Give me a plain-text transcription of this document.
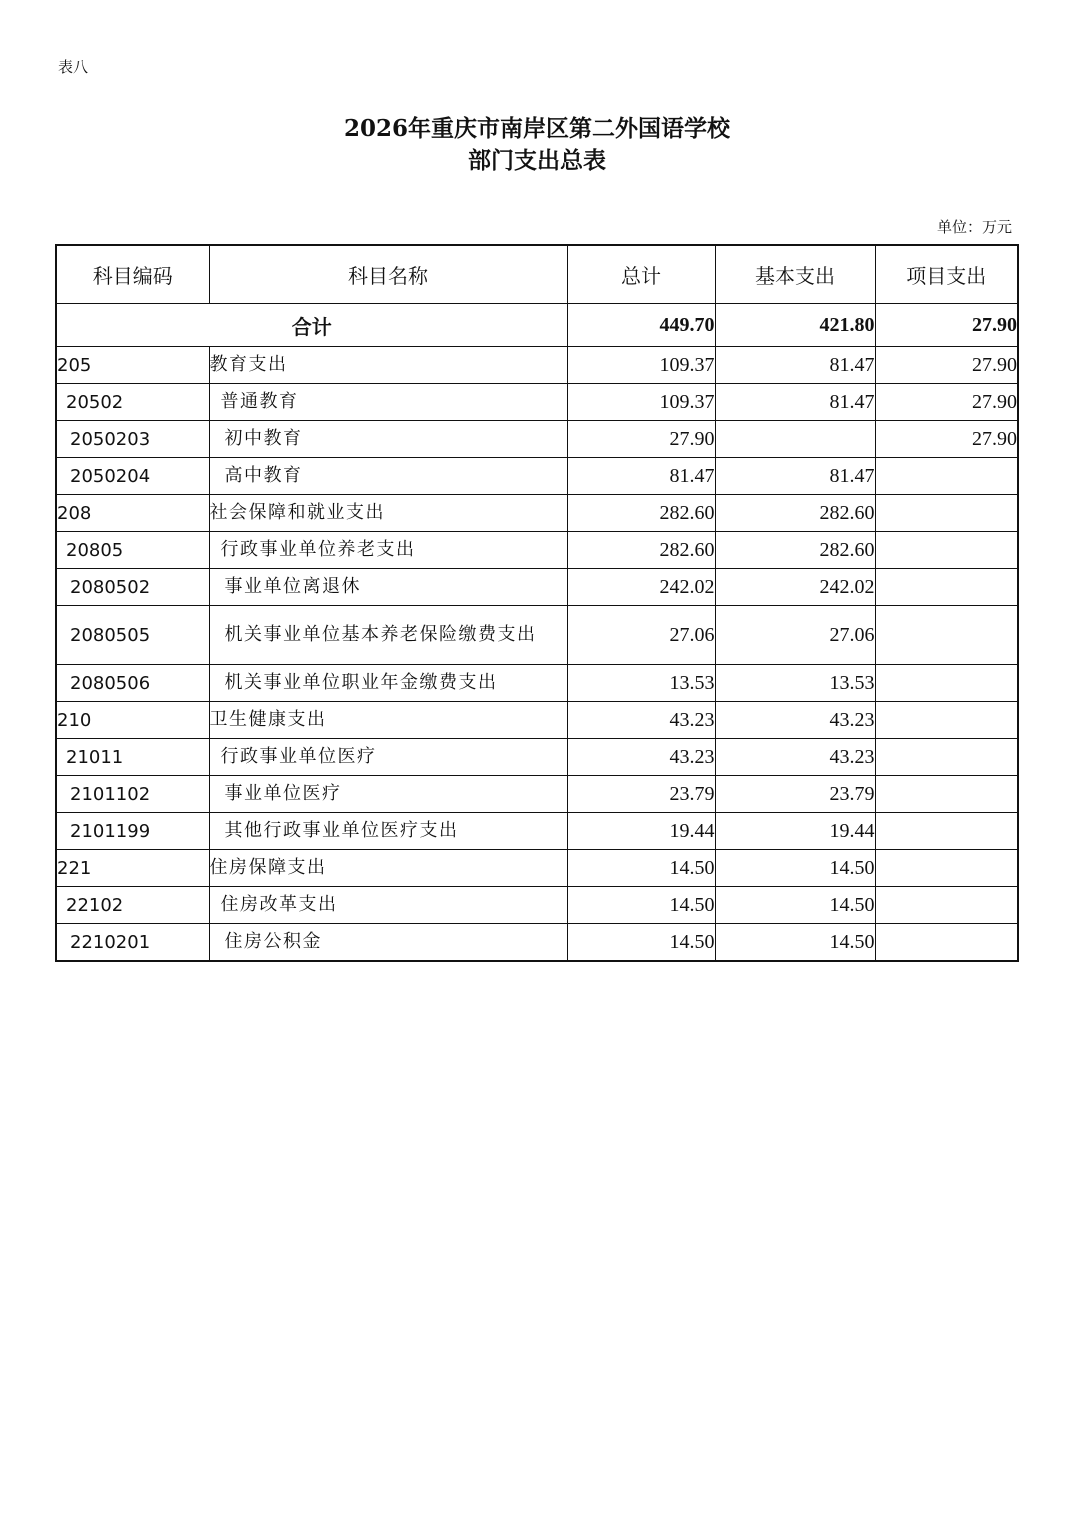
表八
2026年重庆市南岸区第二外国语学校
部门支出总表
单位：万元
科目编码	科目名称	总计	基本支出	项目支出
合计		449.70	421.80	27.90
205	教育支出	109.37	81.47	27.90
20502	普通教育	109.37	81.47	27.90
2050203	初中教育	27.90		27.90
2050204	高中教育	81.47	81.47	
208	社会保障和就业支出	282.60	282.60	
20805	行政事业单位养老支出	282.60	282.60	
2080502	事业单位离退休	242.02	242.02	
2080505	机关事业单位基本养老保险缴费支出	27.06	27.06	
2080506	机关事业单位职业年金缴费支出	13.53	13.53	
210	卫生健康支出	43.23	43.23	
21011	行政事业单位医疗	43.23	43.23	
2101102	事业单位医疗	23.79	23.79	
2101199	其他行政事业单位医疗支出	19.44	19.44	
221	住房保障支出	14.50	14.50	
22102	住房改革支出	14.50	14.50	
2210201	住房公积金	14.50	14.50	
